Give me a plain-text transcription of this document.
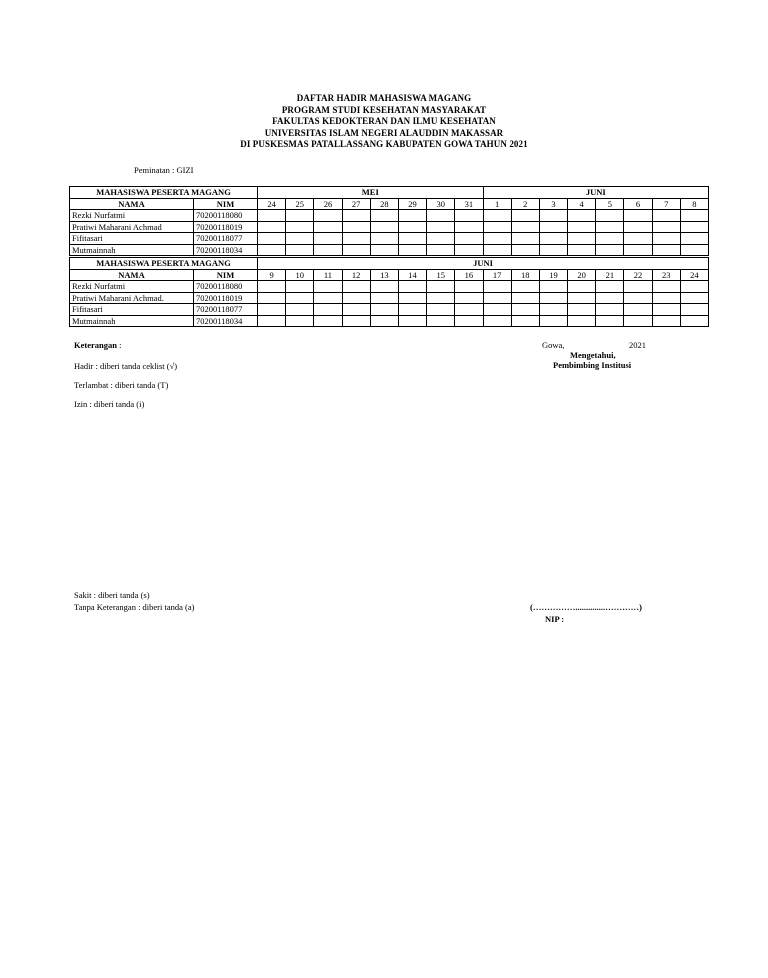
DAFTAR HADIR MAHASISWA MAGANG
PROGRAM STUDI KESEHATAN MASYARAKAT
FAKULTAS KEDOKTERAN DAN ILMU KESEHATAN
UNIVERSITAS ISLAM NEGERI ALAUDDIN MAKASSAR
DI PUSKESMAS PATALLASSANG KABUPATEN GOWA TAHUN 2021
Peminatan : GIZI
MAHASISWA PESERTA MAGANG		MEI								JUNI							
NAMA	NIM	24	25	26	27	28	29	30	31	1	2	3	4	5	6	7	8
Rezki Nurfatmi	70200118080																
Pratiwi Maharani Achmad	70200118019																
Fifitasari	70200118077																
Mutmainnah	70200118034																
MAHASISWA PESERTA MAGANG		JUNI															
NAMA	NIM	9	10	11	12	13	14	15	16	17	18	19	20	21	22	23	24
Rezki Nurfatmi	70200118080																
Pratiwi Maharani Achmad.	70200118019																
Fifitasari	70200118077																
Mutmainnah	70200118034																
Keterangan :
Hadir : diberi tanda ceklist (√)
Terlambat : diberi tanda (T)
Izin : diberi tanda (i)
Sakit : diberi tanda (s)
Tanpa Keterangan : diberi tanda (a)
Gowa,	2021
Mengetahui,
Pembimbing Institusi
(……………..............…………)
NIP :
